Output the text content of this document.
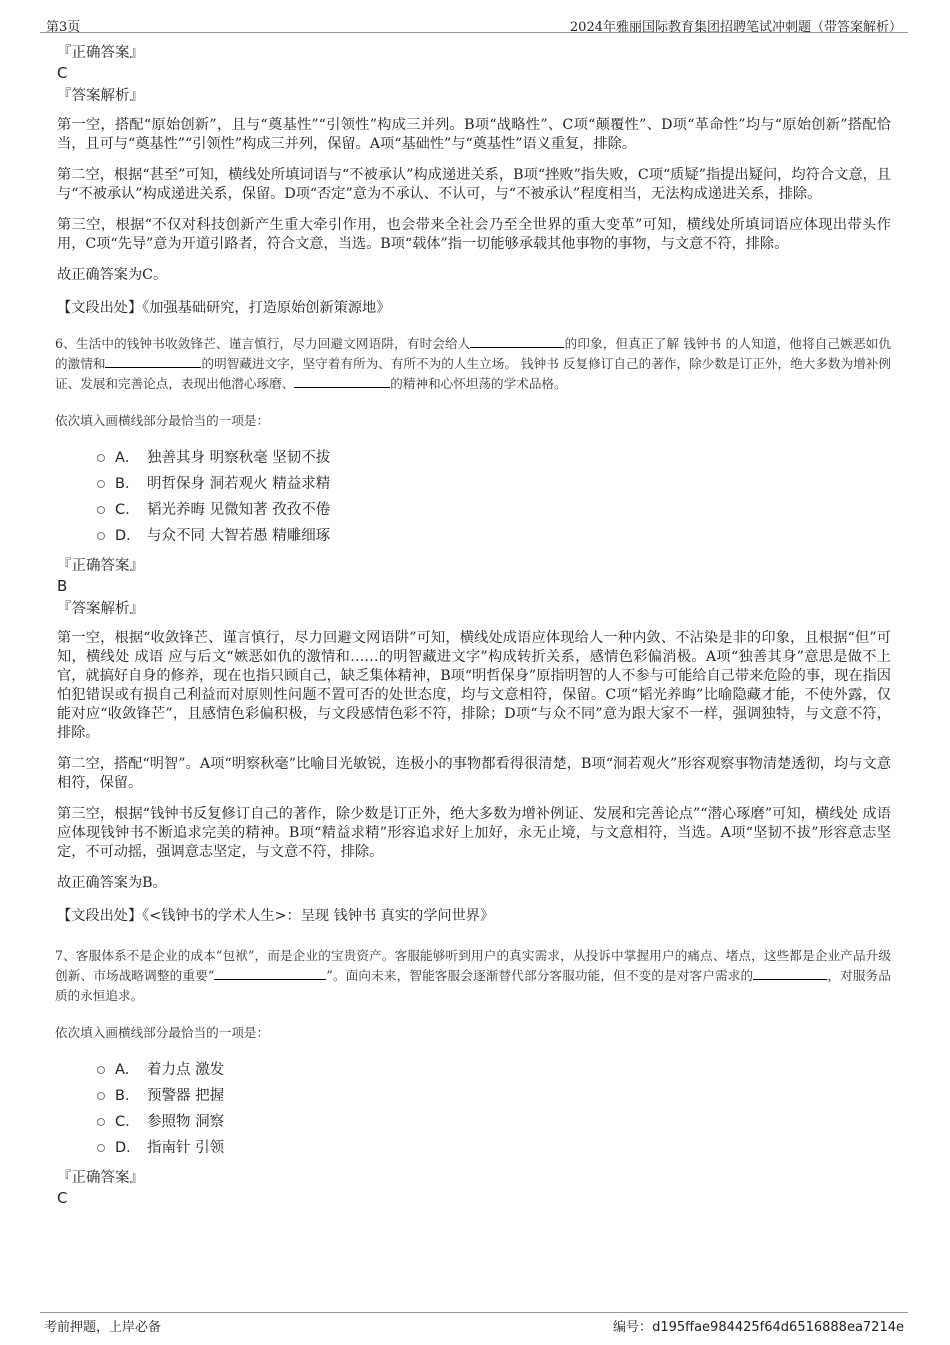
第3页	2024年雅丽国际教育集团招聘笔试冲刺题（带答案解析）
『正确答案』
C
『答案解析』

第一空，搭配“原始创新”，且与“奠基性”“引领性”构成三并列。B项“战略性”、C项“颠覆性”、D项“革命性”均与“原始创新”搭配恰当，且可与“奠基性”“引领性”构成三并列，保留。A项“基础性”与“奠基性”语义重复，排除。

第二空，根据“甚至”可知，横线处所填词语与“不被承认”构成递进关系，B项“挫败”指失败，C项“质疑”指提出疑问，均符合文意，且与“不被承认”构成递进关系，保留。D项“否定”意为不承认、不认可，与“不被承认”程度相当，无法构成递进关系，排除。

第三空，根据“不仅对科技创新产生重大牵引作用，也会带来全社会乃至全世界的重大变革”可知，横线处所填词语应体现出带头作用，C项“先导”意为开道引路者，符合文意，当选。B项“载体”指一切能够承载其他事物的事物，与文意不符，排除。

故正确答案为C。

【文段出处】《加强基础研究，打造原始创新策源地》

6、生活中的钱钟书收敛锋芒、谨言慎行，尽力回避文网语阱，有时会给人	的印象，但真正了解 钱钟书 的人知道，他将自己嫉恶如仇的激情和	的明智藏进文字，坚守着有所为、有所不为的人生立场。 钱钟书 反复修订自己的著作，除少数是订正外，绝大多数为增补例证、发展和完善论点，表现出他潜心琢磨、	的精神和心怀坦荡的学术品格。

依次填入画横线部分最恰当的一项是：

A． 独善其身 明察秋毫 坚韧不拔
B． 明哲保身 洞若观火 精益求精
C． 韬光养晦 见微知著 孜孜不倦
D． 与众不同 大智若愚 精雕细琢
『正确答案』
B
『答案解析』

第一空，根据“收敛锋芒、谨言慎行，尽力回避文网语阱”可知，横线处成语应体现给人一种内敛、不沾染是非的印象，且根据“但”可知，横线处 成语 应与后文“嫉恶如仇的激情和……的明智藏进文字”构成转折关系，感情色彩偏消极。A项“独善其身”意思是做不上官，就搞好自身的修养，现在也指只顾自己，缺乏集体精神，B项“明哲保身”原指明智的人不参与可能给自己带来危险的事，现在指因怕犯错误或有损自己利益而对原则性问题不置可否的处世态度，均与文意相符，保留。C项“韬光养晦”比喻隐藏才能，不使外露，仅能对应“收敛锋芒”，且感情色彩偏积极，与文段感情色彩不符，排除；D项“与众不同”意为跟大家不一样，强调独特，与文意不符，排除。

第二空，搭配“明智”。A项“明察秋毫”比喻目光敏锐，连极小的事物都看得很清楚，B项“洞若观火”形容观察事物清楚透彻，均与文意相符，保留。

第三空，根据“钱钟书反复修订自己的著作，除少数是订正外，绝大多数为增补例证、发展和完善论点”“潜心琢磨”可知，横线处 成语 应体现钱钟书不断追求完美的精神。B项“精益求精”形容追求好上加好，永无止境，与文意相符，当选。A项“坚韧不拔”形容意志坚定，不可动摇，强调意志坚定，与文意不符，排除。

故正确答案为B。

【文段出处】《<钱钟书的学术人生>：呈现 钱钟书 真实的学问世界》

7、客服体系不是企业的成本“包袱”，而是企业的宝贵资产。客服能够听到用户的真实需求，从投诉中掌握用户的痛点、堵点，这些都是企业产品升级创新、市场战略调整的重要“	”。面向未来，智能客服会逐渐替代部分客服功能，但不变的是对客户需求的	，对服务品质的永恒追求。

依次填入画横线部分最恰当的一项是：

A． 着力点 激发
B． 预警器 把握
C． 参照物 洞察
D． 指南针 引领
『正确答案』
C
考前押题，上岸必备	编号：d195ffae984425f64d6516888ea7214e
